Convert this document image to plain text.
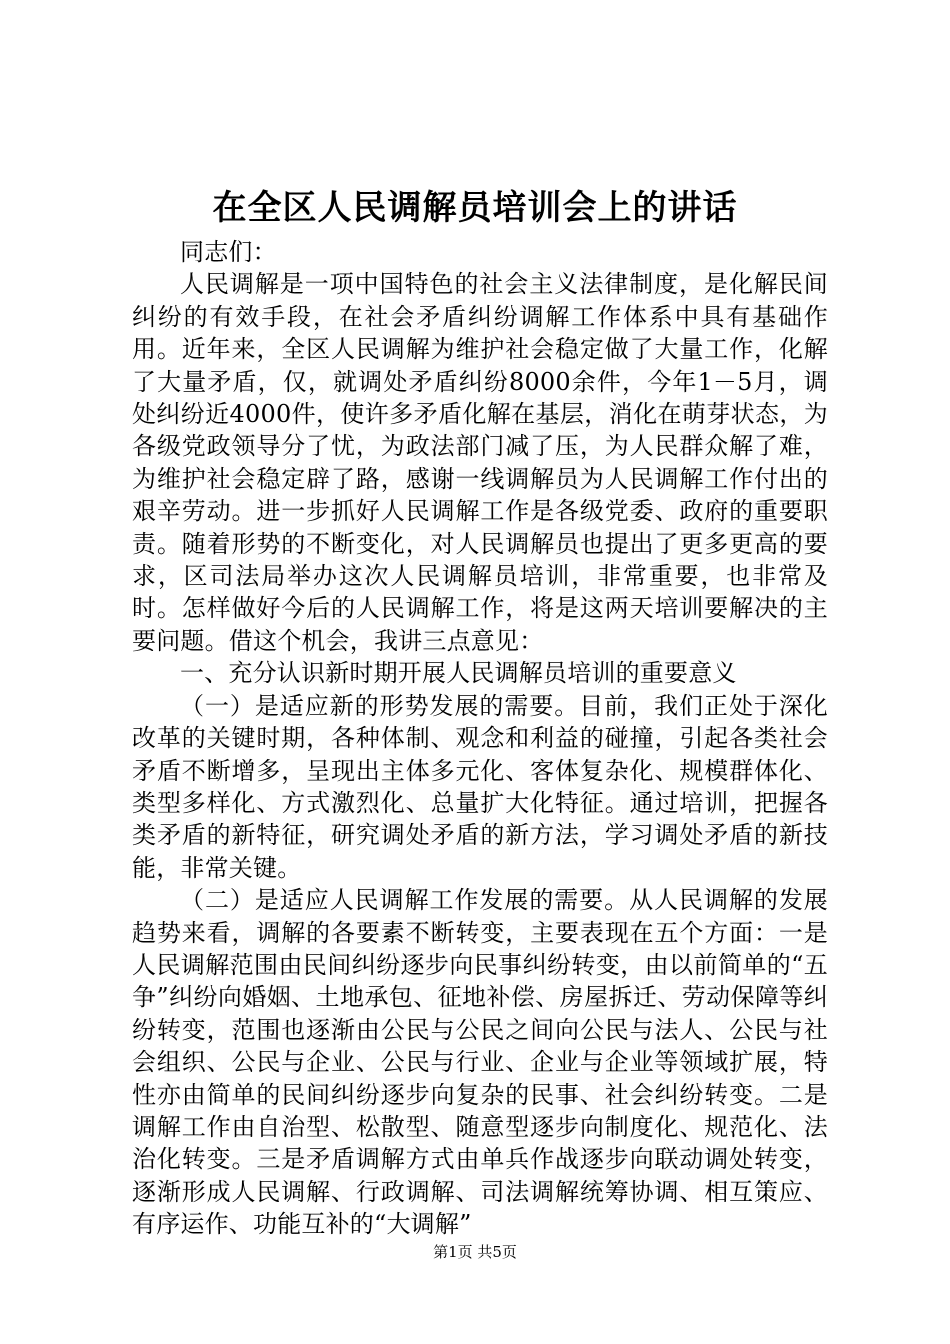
在全区人民调解员培训会上的讲话

同志们：

人民调解是一项中国特色的社会主义法律制度，是化解民间纠纷的有效手段，在社会矛盾纠纷调解工作体系中具有基础作用。近年来，全区人民调解为维护社会稳定做了大量工作，化解了大量矛盾，仅，就调处矛盾纠纷8000余件，今年1－5月，调处纠纷近4000件，使许多矛盾化解在基层，消化在萌芽状态，为各级党政领导分了忧，为政法部门减了压，为人民群众解了难，为维护社会稳定辟了路，感谢一线调解员为人民调解工作付出的艰辛劳动。进一步抓好人民调解工作是各级党委、政府的重要职责。随着形势的不断变化，对人民调解员也提出了更多更高的要求，区司法局举办这次人民调解员培训，非常重要，也非常及时。怎样做好今后的人民调解工作，将是这两天培训要解决的主要问题。借这个机会，我讲三点意见：

一、充分认识新时期开展人民调解员培训的重要意义

（一）是适应新的形势发展的需要。目前，我们正处于深化改革的关键时期，各种体制、观念和利益的碰撞，引起各类社会矛盾不断增多，呈现出主体多元化、客体复杂化、规模群体化、类型多样化、方式激烈化、总量扩大化特征。通过培训，把握各类矛盾的新特征，研究调处矛盾的新方法，学习调处矛盾的新技能，非常关键。

（二）是适应人民调解工作发展的需要。从人民调解的发展趋势来看，调解的各要素不断转变，主要表现在五个方面：一是人民调解范围由民间纠纷逐步向民事纠纷转变，由以前简单的“五争”纠纷向婚姻、土地承包、征地补偿、房屋拆迁、劳动保障等纠纷转变，范围也逐渐由公民与公民之间向公民与法人、公民与社会组织、公民与企业、公民与行业、企业与企业等领域扩展，特性亦由简单的民间纠纷逐步向复杂的民事、社会纠纷转变。二是调解工作由自治型、松散型、随意型逐步向制度化、规范化、法治化转变。三是矛盾调解方式由单兵作战逐步向联动调处转变，逐渐形成人民调解、行政调解、司法调解统筹协调、相互策应、有序运作、功能互补的“大调解”

第1页 共5页
